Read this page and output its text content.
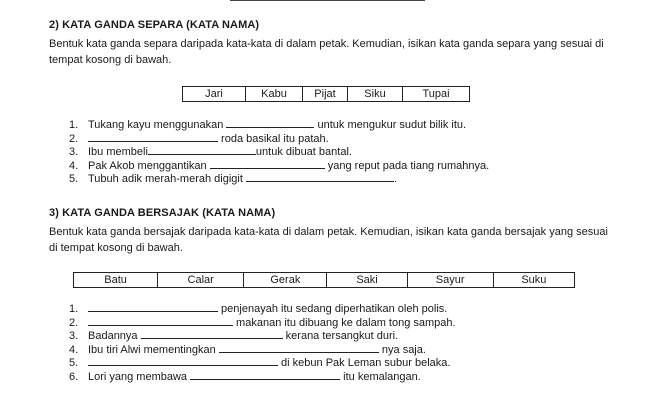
2) KATA GANDA SEPARA (KATA NAMA)
Bentuk kata ganda separa daripada kata-kata di dalam petak. Kemudian, isikan kata ganda separa yang sesuai di tempat kosong di bawah.
Jari	Kabu	Pijat	Siku	Tupai
1. Tukang kayu menggunakan	untuk mengukur sudut bilik itu.
2.	roda basikal itu patah.
3. Ibu membeli	untuk dibuat bantal.
4. Pak Akob menggantikan	yang reput pada tiang rumahnya.
5. Tubuh adik merah-merah digigit	.
3) KATA GANDA BERSAJAK (KATA NAMA)
Bentuk kata ganda bersajak daripada kata-kata di dalam petak. Kemudian, isikan kata ganda bersajak yang sesuai di tempat kosong di bawah.
Batu	Calar	Gerak	Saki	Sayur	Suku
1.	penjenayah itu sedang diperhatikan oleh polis.
2.	makanan itu dibuang ke dalam tong sampah.
3. Badannya	kerana tersangkut duri.
4. Ibu tiri Alwi mementingkan	nya saja.
5.	di kebun Pak Leman subur belaka.
6. Lori yang membawa	itu kemalangan.
